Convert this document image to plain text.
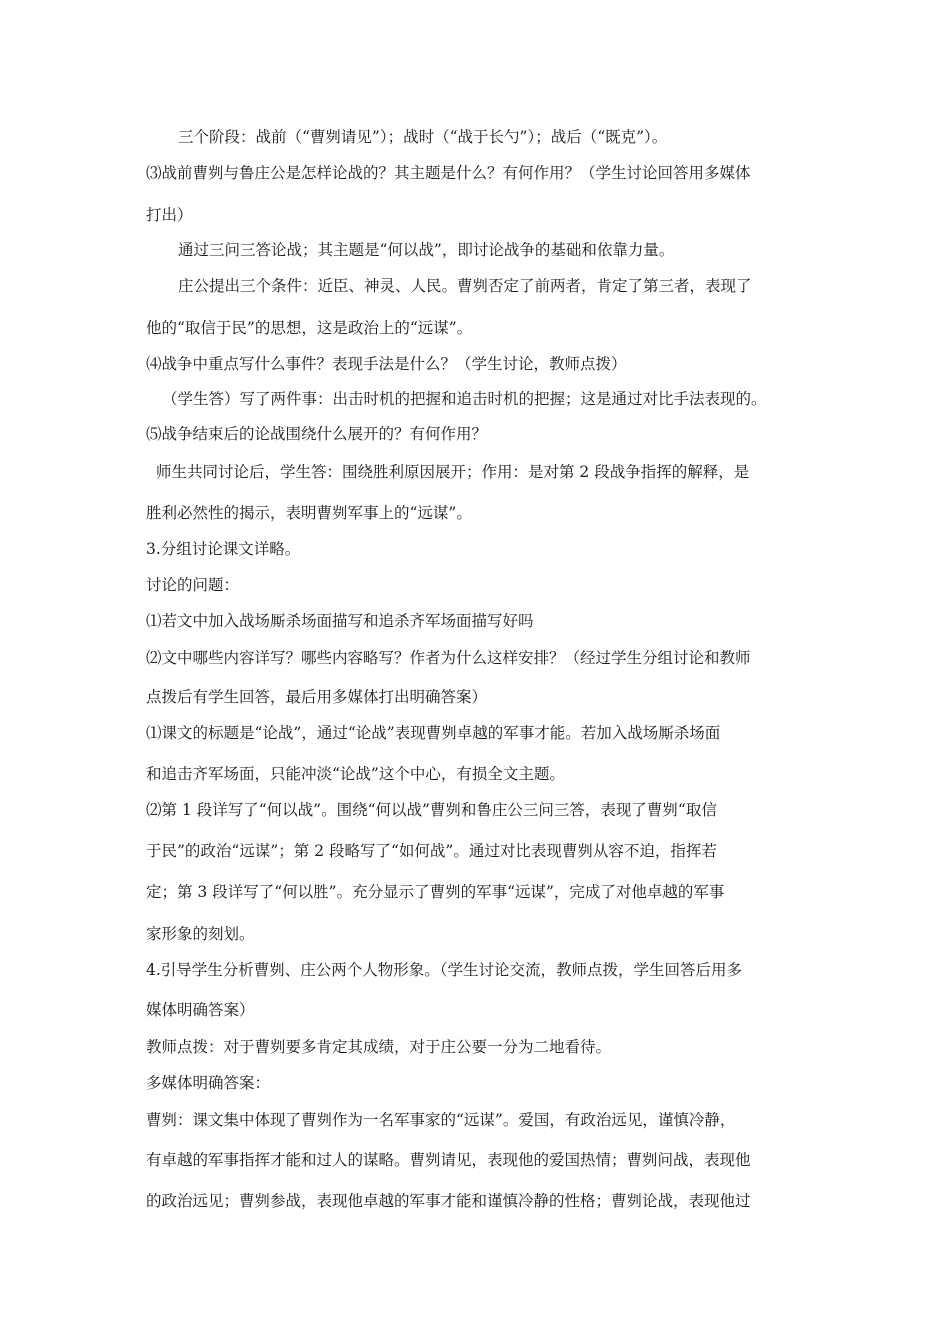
三个阶段：战前（“曹刿请见”）；战时（“战于长勺”）；战后（“既克”）。
⑶战前曹刿与鲁庄公是怎样论战的？其主题是什么？有何作用？（学生讨论回答用多媒体
打出）
通过三问三答论战；其主题是“何以战”，即讨论战争的基础和依靠力量。
庄公提出三个条件：近臣、神灵、人民。曹刿否定了前两者，肯定了第三者，表现了
他的“取信于民”的思想，这是政治上的“远谋”。
⑷战争中重点写什么事件？表现手法是什么？（学生讨论，教师点拨）
（学生答）写了两件事：出击时机的把握和追击时机的把握；这是通过对比手法表现的。
⑸战争结束后的论战围绕什么展开的？有何作用？
师生共同讨论后，学生答：围绕胜利原因展开；作用：是对第 2 段战争指挥的解释，是
胜利必然性的揭示，表明曹刿军事上的“远谋”。
3.分组讨论课文详略。
讨论的问题：
⑴若文中加入战场厮杀场面描写和追杀齐军场面描写好吗
⑵文中哪些内容详写？哪些内容略写？作者为什么这样安排？（经过学生分组讨论和教师
点拨后有学生回答，最后用多媒体打出明确答案）
⑴课文的标题是“论战”，通过“论战”表现曹刿卓越的军事才能。若加入战场厮杀场面
和追击齐军场面，只能冲淡“论战”这个中心，有损全文主题。
⑵第 1 段详写了“何以战”。围绕“何以战”曹刿和鲁庄公三问三答，表现了曹刿“取信
于民”的政治“远谋”；第 2 段略写了“如何战”。通过对比表现曹刿从容不迫，指挥若
定；第 3 段详写了“何以胜”。充分显示了曹刿的军事“远谋”，完成了对他卓越的军事
家形象的刻划。
4.引导学生分析曹刿、庄公两个人物形象。（学生讨论交流，教师点拨，学生回答后用多
媒体明确答案）
教师点拨：对于曹刿要多肯定其成绩，对于庄公要一分为二地看待。
多媒体明确答案：
曹刿：课文集中体现了曹刿作为一名军事家的“远谋”。爱国，有政治远见，谨慎冷静，
有卓越的军事指挥才能和过人的谋略。曹刿请见，表现他的爱国热情；曹刿问战，表现他
的政治远见；曹刿参战，表现他卓越的军事才能和谨慎冷静的性格；曹刿论战，表现他过
